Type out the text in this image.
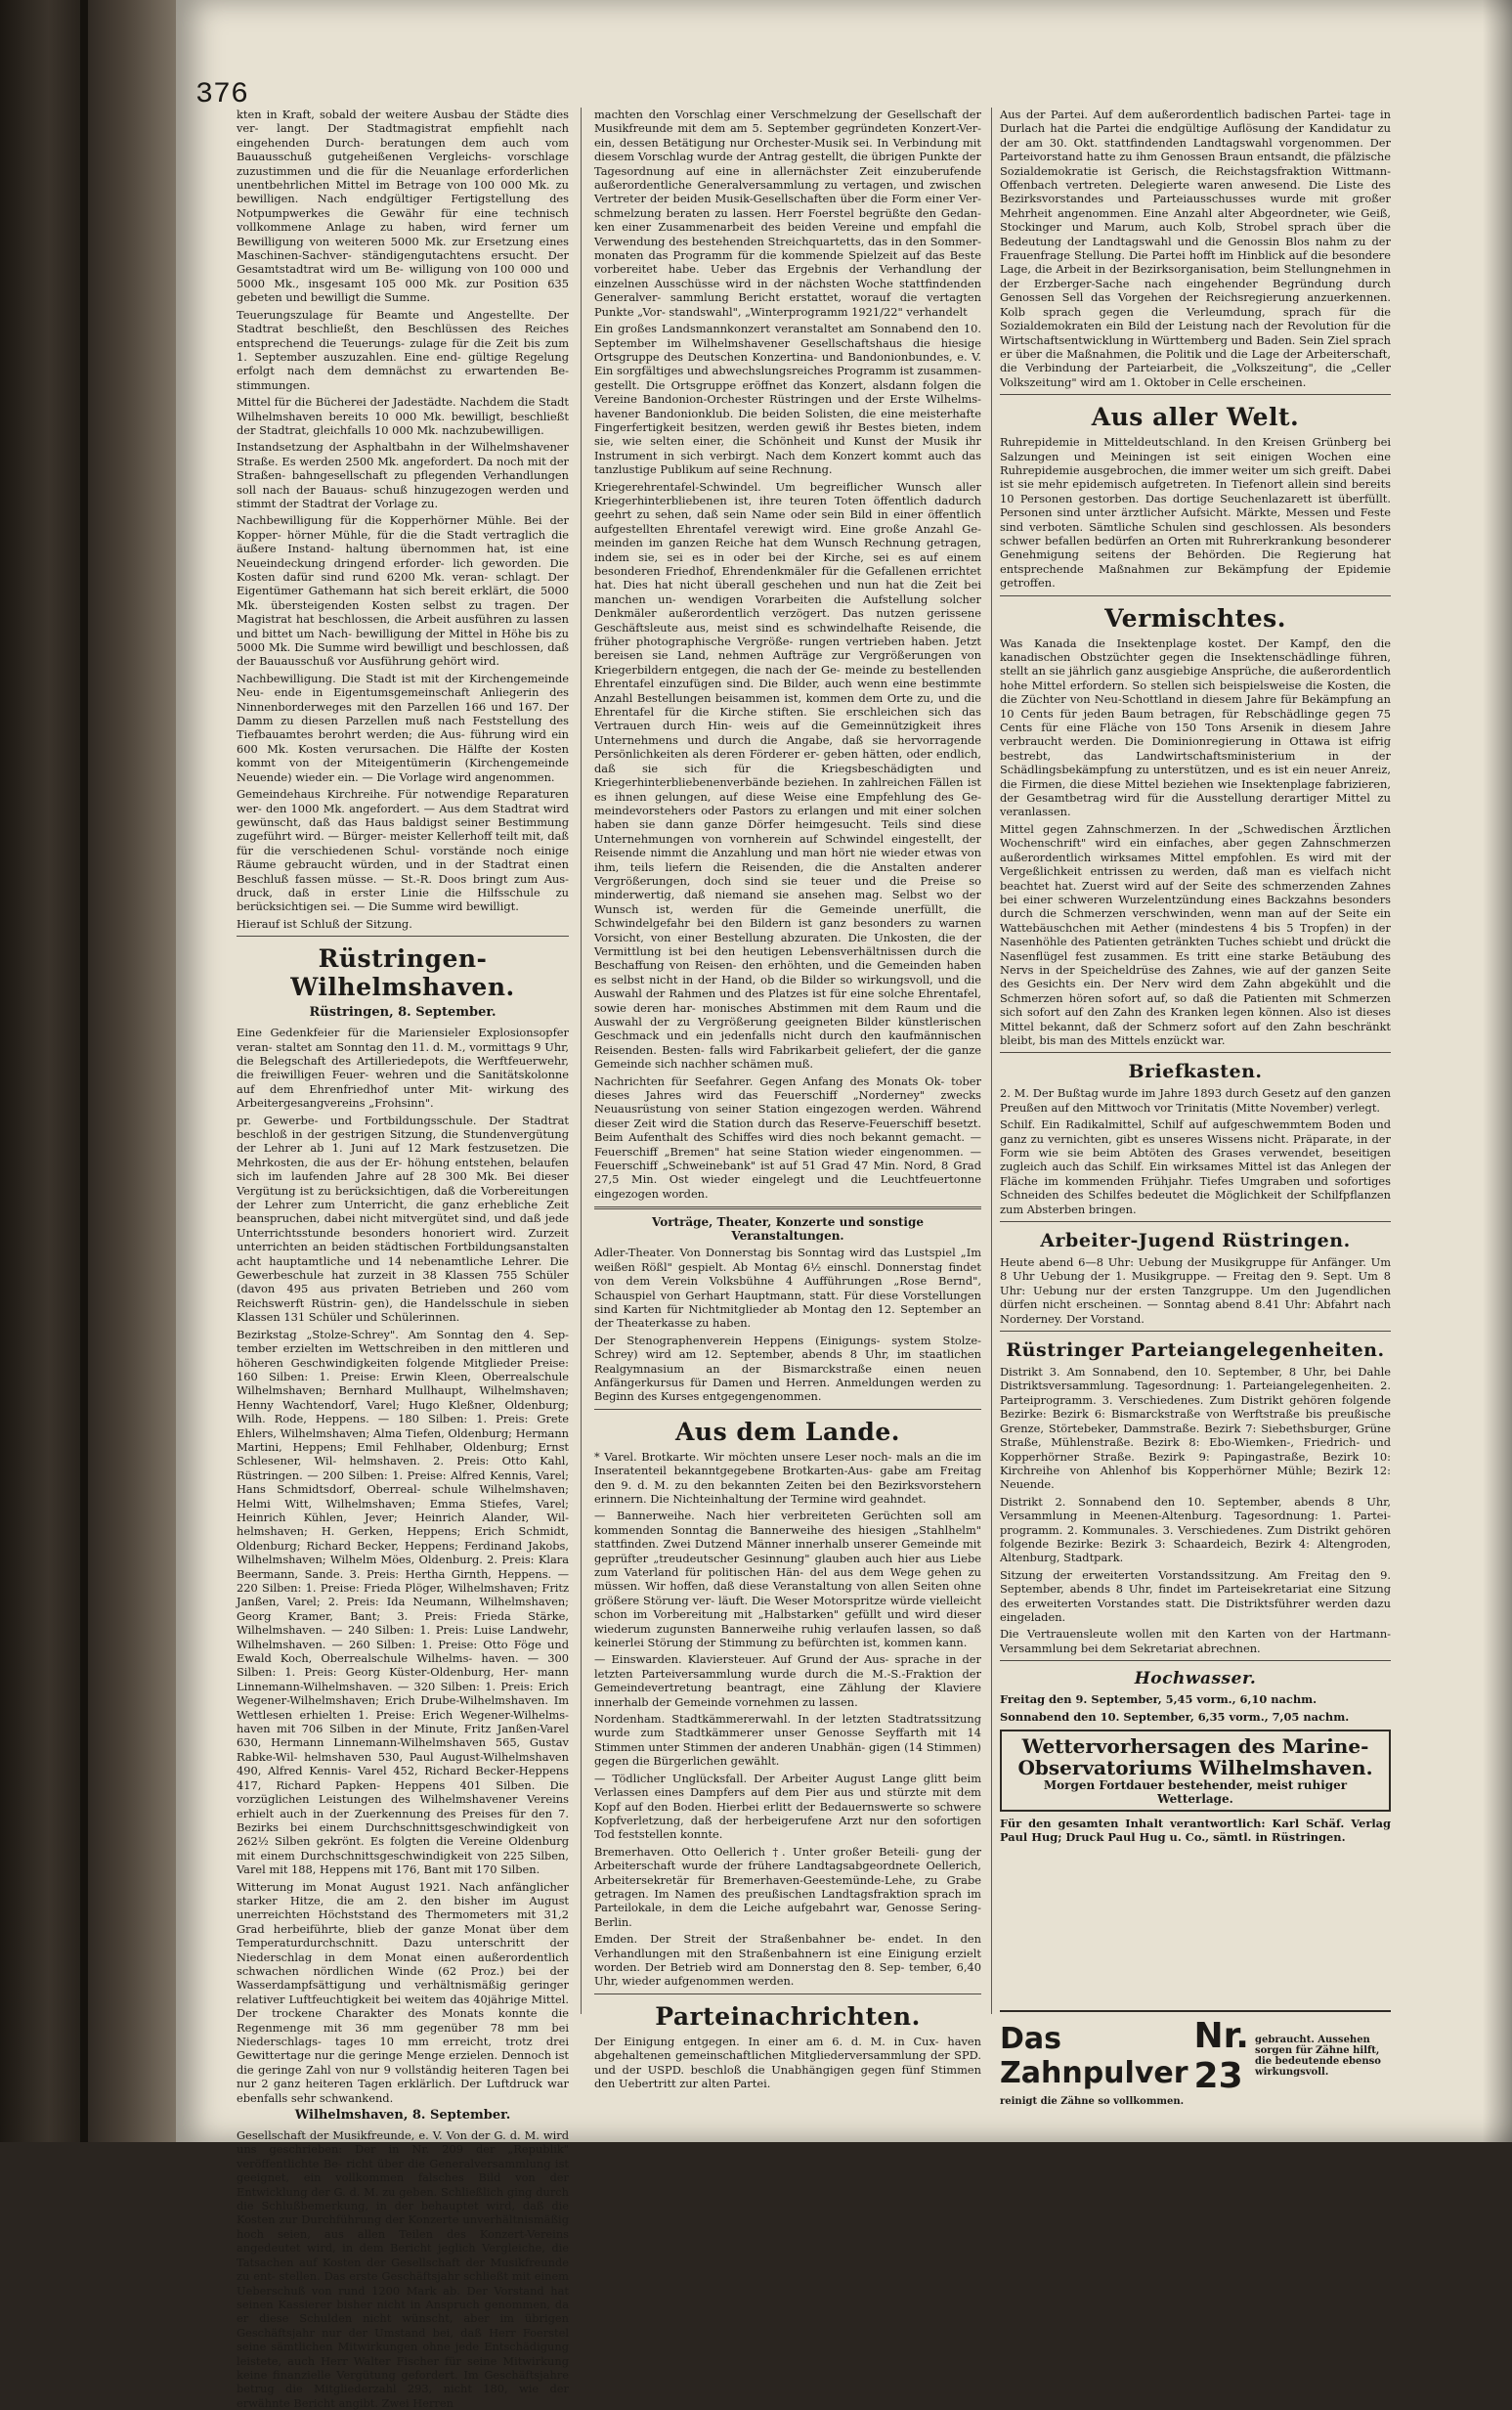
376

kten in Kraft, sobald der weitere Ausbau der Städte dies ver- langt. Der Stadtmagistrat empfiehlt nach eingehenden Durch- beratungen dem auch vom Bauausschuß gutgeheißenen Vergleichs- vorschlage zuzustimmen und die für die Neuanlage erforderlichen unentbehrlichen Mittel im Betrage von 100 000 Mk. zu bewilligen. Nach endgültiger Fertigstellung des Notpumpwerkes die Gewähr für eine technisch vollkommene Anlage zu haben, wird ferner um Bewilligung von weiteren 5000 Mk. zur Ersetzung eines Maschinen-Sachver- ständigengutachtens ersucht. Der Gesamtstadtrat wird um Be- willigung von 100 000 und 5000 Mk., insgesamt 105 000 Mk. zur Position 635 gebeten und bewilligt die Summe.

Teuerungszulage für Beamte und Angestellte. Der Stadtrat beschließt, den Beschlüssen des Reiches entsprechend die Teuerungs- zulage für die Zeit bis zum 1. September auszuzahlen. Eine end- gültige Regelung erfolgt nach dem demnächst zu erwartenden Be- stimmungen.

Mittel für die Bücherei der Jadestädte. Nachdem die Stadt Wilhelmshaven bereits 10 000 Mk. bewilligt, beschließt der Stadtrat, gleichfalls 10 000 Mk. nachzubewilligen.

Instandsetzung der Asphaltbahn in der Wilhelmshavener Straße. Es werden 2500 Mk. angefordert. Da noch mit der Straßen- bahngesellschaft zu pflegenden Verhandlungen soll nach der Bauaus- schuß hinzugezogen werden und stimmt der Stadtrat der Vorlage zu.

Nachbewilligung für die Kopperhörner Mühle. Bei der Kopper- hörner Mühle, für die die Stadt vertraglich die äußere Instand- haltung übernommen hat, ist eine Neueindeckung dringend erforder- lich geworden. Die Kosten dafür sind rund 6200 Mk. veran- schlagt. Der Eigentümer Gathemann hat sich bereit erklärt, die 5000 Mk. übersteigenden Kosten selbst zu tragen. Der Magistrat hat beschlossen, die Arbeit ausführen zu lassen und bittet um Nach- bewilligung der Mittel in Höhe bis zu 5000 Mk. Die Summe wird bewilligt und beschlossen, daß der Bauausschuß vor Ausführung gehört wird.

Nachbewilligung. Die Stadt ist mit der Kirchengemeinde Neu- ende in Eigentumsgemeinschaft Anliegerin des Ninnenborderweges mit den Parzellen 166 und 167. Der Damm zu diesen Parzellen muß nach Feststellung des Tiefbauamtes berohrt werden; die Aus- führung wird ein 600 Mk. Kosten verursachen. Die Hälfte der Kosten kommt von der Miteigentümerin (Kirchengemeinde Neuende) wieder ein. — Die Vorlage wird angenommen.

Gemeindehaus Kirchreihe. Für notwendige Reparaturen wer- den 1000 Mk. angefordert. — Aus dem Stadtrat wird gewünscht, daß das Haus baldigst seiner Bestimmung zugeführt wird. — Bürger- meister Kellerhoff teilt mit, daß für die verschiedenen Schul- vorstände noch einige Räume gebraucht würden, und in der Stadtrat einen Beschluß fassen müsse. — St.-R. Doos bringt zum Aus- druck, daß in erster Linie die Hilfsschule zu berücksichtigen sei. — Die Summe wird bewilligt.

Hierauf ist Schluß der Sitzung.

Rüstringen-Wilhelmshaven.
Rüstringen, 8. September.

Eine Gedenkfeier für die Mariensieler Explosionsopfer veran- staltet am Sonntag den 11. d. M., vormittags 9 Uhr, die Belegschaft des Artilleriedepots, die Werftfeuerwehr, die freiwilligen Feuer- wehren und die Sanitätskolonne auf dem Ehrenfriedhof unter Mit- wirkung des Arbeitergesangvereins „Frohsinn".

pr. Gewerbe- und Fortbildungsschule. Der Stadtrat beschloß in der gestrigen Sitzung, die Stundenvergütung der Lehrer ab 1. Juni auf 12 Mark festzusetzen. Die Mehrkosten, die aus der Er- höhung entstehen, belaufen sich im laufenden Jahre auf 28 300 Mk. Bei dieser Vergütung ist zu berücksichtigen, daß die Vorbereitungen der Lehrer zum Unterricht, die ganz erhebliche Zeit beanspruchen, dabei nicht mitvergütet sind, und daß jede Unterrichtsstunde besonders honoriert wird. Zurzeit unterrichten an beiden städtischen Fortbildungsanstalten acht hauptamtliche und 14 nebenamtliche Lehrer. Die Gewerbeschule hat zurzeit in 38 Klassen 755 Schüler (davon 495 aus privaten Betrieben und 260 vom Reichswerft Rüstrin- gen), die Handelsschule in sieben Klassen 131 Schüler und Schülerinnen.

Bezirkstag „Stolze-Schrey". Am Sonntag den 4. Sep- tember erzielten im Wettschreiben in den mittleren und höheren Geschwindigkeiten folgende Mitglieder Preise: 160 Silben: 1. Preise: Erwin Kleen, Oberrealschule Wilhelmshaven; Bernhard Mullhaupt, Wilhelmshaven; Henny Wachtendorf, Varel; Hugo Kleßner, Oldenburg; Wilh. Rode, Heppens. — 180 Silben: 1. Preis: Grete Ehlers, Wilhelmshaven; Alma Tiefen, Oldenburg; Hermann Martini, Heppens; Emil Fehlhaber, Oldenburg; Ernst Schlesener, Wil- helmshaven. 2. Preis: Otto Kahl, Rüstringen. — 200 Silben: 1. Preise: Alfred Kennis, Varel; Hans Schmidtsdorf, Oberreal- schule Wilhelmshaven; Helmi Witt, Wilhelmshaven; Emma Stiefes, Varel; Heinrich Kühlen, Jever; Heinrich Alander, Wil- helmshaven; H. Gerken, Heppens; Erich Schmidt, Oldenburg; Richard Becker, Heppens; Ferdinand Jakobs, Wilhelmshaven; Wilhelm Möes, Oldenburg. 2. Preis: Klara Beermann, Sande. 3. Preis: Hertha Girnth, Heppens. — 220 Silben: 1. Preise: Frieda Plöger, Wilhelmshaven; Fritz Janßen, Varel; 2. Preis: Ida Neumann, Wilhelmshaven; Georg Kramer, Bant; 3. Preis: Frieda Stärke, Wilhelmshaven. — 240 Silben: 1. Preis: Luise Landwehr, Wilhelmshaven. — 260 Silben: 1. Preise: Otto Föge und Ewald Koch, Oberrealschule Wilhelms- haven. — 300 Silben: 1. Preis: Georg Küster-Oldenburg, Her- mann Linnemann-Wilhelmshaven. — 320 Silben: 1. Preis: Erich Wegener-Wilhelmshaven; Erich Drube-Wilhelmshaven. Im Wettlesen erhielten 1. Preise: Erich Wegener-Wilhelms- haven mit 706 Silben in der Minute, Fritz Janßen-Varel 630, Hermann Linnemann-Wilhelmshaven 565, Gustav Rabke-Wil- helmshaven 530, Paul August-Wilhelmshaven 490, Alfred Kennis- Varel 452, Richard Becker-Heppens 417, Richard Papken- Heppens 401 Silben. Die vorzüglichen Leistungen des Wilhelmshavener Vereins erhielt auch in der Zuerkennung des Preises für den 7. Bezirks bei einem Durchschnittsgeschwindigkeit von 262½ Silben gekrönt. Es folgten die Vereine Oldenburg mit einem Durchschnittsgeschwindigkeit von 225 Silben, Varel mit 188, Heppens mit 176, Bant mit 170 Silben.

Witterung im Monat August 1921. Nach anfänglicher starker Hitze, die am 2. den bisher im August unerreichten Höchststand des Thermometers mit 31,2 Grad herbeiführte, blieb der ganze Monat über dem Temperaturdurchschnitt. Dazu unterschritt der Niederschlag in dem Monat einen außerordentlich schwachen nördlichen Winde (62 Proz.) bei der Wasserdampfsättigung und verhältnismäßig geringer relativer Luftfeuchtigkeit bei weitem das 40jährige Mittel. Der trockene Charakter des Monats konnte die Regenmenge mit 36 mm gegenüber 78 mm bei Niederschlags- tages 10 mm erreicht, trotz drei Gewittertage nur die geringe Menge erzielen. Dennoch ist die geringe Zahl von nur 9 vollständig heiteren Tagen bei nur 2 ganz heiteren Tagen erklärlich. Der Luftdruck war ebenfalls sehr schwankend.

Wilhelmshaven, 8. September.

Gesellschaft der Musikfreunde, e. V. Von der G. d. M. wird uns geschrieben: Der in Nr. 209 der „Republik" veröffentlichte Be- richt über die Generalversammlung ist geeignet, ein vollkommen falsches Bild von der Entwicklung der G. d. M. zu geben. Schließlich ging durch die Schlußbemerkung, in der behauptet wird, daß die Kosten zur Durchführung der Konzerte unverhältnismäßig hoch seien, aus allen Teilen des Konzert-Vereins angedeutet wird, in dem Bericht jeglich Vergleiche, die Tatsachen auf Kosten der Gesellschaft der Musikfreunde zu ent- stellen. Das erste Geschäftsjahr schließt mit einem Ueberschuß von rund 1200 Mark ab. Der Vorstand hat seinen Kassierer bisher nicht in Anspruch genommen, da er diese Schulden nicht wünscht, aber im übrigen Geschäftsjahr nur der Umstand bei, daß Herr Foerstel seine sämtlichen Mitwirkungen ohne jede Entschädigung leistete, auch Herr Walter Fischer für seine Mitwirkung keine finanzielle Vergütung gefordert. Im Geschäftsjahre betrug die Mitgliederzahl 293, nicht 180, wie der erwähnte Bericht angibt. Zwei Herren

machten den Vorschlag einer Verschmelzung der Gesellschaft der Musikfreunde mit dem am 5. September gegründeten Konzert-Ver- ein, dessen Betätigung nur Orchester-Musik sei. In Verbindung mit diesem Vorschlag wurde der Antrag gestellt, die übrigen Punkte der Tagesordnung auf eine in allernächster Zeit einzuberufende außerordentliche Generalversammlung zu vertagen, und zwischen Vertreter der beiden Musik-Gesellschaften über die Form einer Ver- schmelzung beraten zu lassen. Herr Foerstel begrüßte den Gedan- ken einer Zusammenarbeit des beiden Vereine und empfahl die Verwendung des bestehenden Streichquartetts, das in den Sommer- monaten das Programm für die kommende Spielzeit auf das Beste vorbereitet habe. Ueber das Ergebnis der Verhandlung der einzelnen Ausschüsse wird in der nächsten Woche stattfindenden Generalver- sammlung Bericht erstattet, worauf die vertagten Punkte „Vor- standswahl", „Winterprogramm 1921/22" verhandelt

Ein großes Landsmannkonzert veranstaltet am Sonnabend den 10. September im Wilhelmshavener Gesellschaftshaus die hiesige Ortsgruppe des Deutschen Konzertina- und Bandonionbundes, e. V. Ein sorgfältiges und abwechslungsreiches Programm ist zusammen- gestellt. Die Ortsgruppe eröffnet das Konzert, alsdann folgen die Vereine Bandonion-Orchester Rüstringen und der Erste Wilhelms- havener Bandonionklub. Die beiden Solisten, die eine meisterhafte Fingerfertigkeit besitzen, werden gewiß ihr Bestes bieten, indem sie, wie selten einer, die Schönheit und Kunst der Musik ihr Instrument in sich verbirgt. Nach dem Konzert kommt auch das tanzlustige Publikum auf seine Rechnung.

Kriegerehrentafel-Schwindel. Um begreiflicher Wunsch aller Kriegerhinterbliebenen ist, ihre teuren Toten öffentlich dadurch geehrt zu sehen, daß sein Name oder sein Bild in einer öffentlich aufgestellten Ehrentafel verewigt wird. Eine große Anzahl Ge- meinden im ganzen Reiche hat dem Wunsch Rechnung getragen, indem sie, sei es in oder bei der Kirche, sei es auf einem besonderen Friedhof, Ehrendenkmäler für die Gefallenen errichtet hat. Dies hat nicht überall geschehen und nun hat die Zeit bei manchen un- wendigen Vorarbeiten die Aufstellung solcher Denkmäler außerordentlich verzögert. Das nutzen gerissene Geschäftsleute aus, meist sind es schwindelhafte Reisende, die früher photographische Vergröße- rungen vertrieben haben. Jetzt bereisen sie Land, nehmen Aufträge zur Vergrößerungen von Kriegerbildern entgegen, die nach der Ge- meinde zu bestellenden Ehrentafel einzufügen sind. Die Bilder, auch wenn eine bestimmte Anzahl Bestellungen beisammen ist, kommen dem Orte zu, und die Ehrentafel für die Kirche stiften. Sie erschleichen sich das Vertrauen durch Hin- weis auf die Gemeinnützigkeit ihres Unternehmens und durch die Angabe, daß sie hervorragende Persönlichkeiten als deren Förderer er- geben hätten, oder endlich, daß sie sich für die Kriegsbeschädigten und Kriegerhinterbliebenenverbände beziehen. In zahlreichen Fällen ist es ihnen gelungen, auf diese Weise eine Empfehlung des Ge- meindevorstehers oder Pastors zu erlangen und mit einer solchen haben sie dann ganze Dörfer heimgesucht. Teils sind diese Unternehmungen von vornherein auf Schwindel eingestellt, der Reisende nimmt die Anzahlung und man hört nie wieder etwas von ihm, teils liefern die Reisenden, die die Anstalten anderer Vergrößerungen, doch sind sie teuer und die Preise so minderwertig, daß niemand sie ansehen mag. Selbst wo der Wunsch ist, werden für die Gemeinde unerfüllt, die Schwindelgefahr bei den Bildern ist ganz besonders zu warnen Vorsicht, von einer Bestellung abzuraten. Die Unkosten, die der Vermittlung ist bei den heutigen Lebensverhältnissen durch die Beschaffung von Reisen- den erhöhten, und die Gemeinden haben es selbst nicht in der Hand, ob die Bilder so wirkungsvoll, und die Auswahl der Rahmen und des Platzes ist für eine solche Ehrentafel, sowie deren har- monisches Abstimmen mit dem Raum und die Auswahl der zu Vergrößerung geeigneten Bilder künstlerischen Geschmack und ein jedenfalls nicht durch den kaufmännischen Reisenden. Besten- falls wird Fabrikarbeit geliefert, der die ganze Gemeinde sich nachher schämen muß.

Nachrichten für Seefahrer. Gegen Anfang des Monats Ok- tober dieses Jahres wird das Feuerschiff „Norderney" zwecks Neuausrüstung von seiner Station eingezogen werden. Während dieser Zeit wird die Station durch das Reserve-Feuerschiff besetzt. Beim Aufenthalt des Schiffes wird dies noch bekannt gemacht. — Feuerschiff „Bremen" hat seine Station wieder eingenommen. — Feuerschiff „Schweinebank" ist auf 51 Grad 47 Min. Nord, 8 Grad 27,5 Min. Ost wieder eingelegt und die Leuchtfeuertonne eingezogen worden.

Vorträge, Theater, Konzerte und sonstige Veranstaltungen.

Adler-Theater. Von Donnerstag bis Sonntag wird das Lustspiel „Im weißen Rößl" gespielt. Ab Montag 6½ einschl. Donnerstag findet von dem Verein Volksbühne 4 Aufführungen „Rose Bernd", Schauspiel von Gerhart Hauptmann, statt. Für diese Vorstellungen sind Karten für Nichtmitglieder ab Montag den 12. September an der Theaterkasse zu haben.

Der Stenographenverein Heppens (Einigungs- system Stolze-Schrey) wird am 12. September, abends 8 Uhr, im staatlichen Realgymnasium an der Bismarckstraße einen neuen Anfängerkursus für Damen und Herren. Anmeldungen werden zu Beginn des Kurses entgegengenommen.

Aus dem Lande.

* Varel. Brotkarte. Wir möchten unsere Leser noch- mals an die im Inseratenteil bekanntgegebene Brotkarten-Aus- gabe am Freitag den 9. d. M. zu den bekannten Zeiten bei den Bezirksvorstehern erinnern. Die Nichteinhaltung der Termine wird geahndet.

— Bannerweihe. Nach hier verbreiteten Gerüchten soll am kommenden Sonntag die Bannerweihe des hiesigen „Stahlhelm" stattfinden. Zwei Dutzend Männer innerhalb unserer Gemeinde mit geprüfter „treudeutscher Gesinnung" glauben auch hier aus Liebe zum Vaterland für politischen Hän- del aus dem Wege gehen zu müssen. Wir hoffen, daß diese Veranstaltung von allen Seiten ohne größere Störung ver- läuft. Die Weser Motorspritze würde vielleicht schon im Vorbereitung mit „Halbstarken" gefüllt und wird dieser wiederum zugunsten Bannerweihe ruhig verlaufen lassen, so daß keinerlei Störung der Stimmung zu befürchten ist, kommen kann.

— Einswarden. Klaviersteuer. Auf Grund der Aus- sprache in der letzten Parteiversammlung wurde durch die M.-S.-Fraktion der Gemeindevertretung beantragt, eine Zählung der Klaviere innerhalb der Gemeinde vornehmen zu lassen.

Nordenham. Stadtkämmererwahl. In der letzten Stadtratssitzung wurde zum Stadtkämmerer unser Genosse Seyffarth mit 14 Stimmen unter Stimmen der anderen Unabhän- gigen (14 Stimmen) gegen die Bürgerlichen gewählt.

— Tödlicher Unglücksfall. Der Arbeiter August Lange glitt beim Verlassen eines Dampfers auf dem Pier aus und stürzte mit dem Kopf auf den Boden. Hierbei erlitt der Bedauernswerte so schwere Kopfverletzung, daß der herbeigerufene Arzt nur den sofortigen Tod feststellen konnte.

Bremerhaven. Otto Oellerich †. Unter großer Beteili- gung der Arbeiterschaft wurde der frühere Landtagsabgeordnete Oellerich, Arbeitersekretär für Bremerhaven-Geestemünde-Lehe, zu Grabe getragen. Im Namen des preußischen Landtagsfraktion sprach im Parteilokale, in dem die Leiche aufgebahrt war, Genosse Sering-Berlin.

Emden. Der Streit der Straßenbahner be- endet. In den Verhandlungen mit den Straßenbahnern ist eine Einigung erzielt worden. Der Betrieb wird am Donnerstag den 8. Sep- tember, 6,40 Uhr, wieder aufgenommen werden.

Parteinachrichten.

Der Einigung entgegen. In einer am 6. d. M. in Cux- haven abgehaltenen gemeinschaftlichen Mitgliederversammlung der SPD. und der USPD. beschloß die Unabhängigen gegen fünf Stimmen den Uebertritt zur alten Partei.

Aus der Partei. Auf dem außerordentlich badischen Partei- tage in Durlach hat die Partei die endgültige Auflösung der Kandidatur zu der am 30. Okt. stattfindenden Landtagswahl vorgenommen. Der Parteivorstand hatte zu ihm Genossen Braun entsandt, die pfälzische Sozialdemokratie ist Gerisch, die Reichstagsfraktion Wittmann-Offenbach vertreten. Delegierte waren anwesend. Die Liste des Bezirksvorstandes und Parteiausschusses wurde mit großer Mehrheit angenommen. Eine Anzahl alter Abgeordneter, wie Geiß, Stockinger und Marum, auch Kolb, Strobel sprach über die Bedeutung der Landtagswahl und die Genossin Blos nahm zu der Frauenfrage Stellung. Die Partei hofft im Hinblick auf die besondere Lage, die Arbeit in der Bezirksorganisation, beim Stellungnehmen in der Erzberger-Sache nach eingehender Begründung durch Genossen Sell das Vorgehen der Reichsregierung anzuerkennen. Kolb sprach gegen die Verleumdung, sprach für die Sozialdemokraten ein Bild der Leistung nach der Revolution für die Wirtschaftsentwicklung in Württemberg und Baden. Sein Ziel sprach er über die Maßnahmen, die Politik und die Lage der Arbeiterschaft, die Verbindung der Parteiarbeit, die „Volkszeitung", die „Celler Volkszeitung" wird am 1. Oktober in Celle erscheinen.

Aus aller Welt.

Ruhrepidemie in Mitteldeutschland. In den Kreisen Grünberg bei Salzungen und Meiningen ist seit einigen Wochen eine Ruhrepidemie ausgebrochen, die immer weiter um sich greift. Dabei ist sie mehr epidemisch aufgetreten. In Tiefenort allein sind bereits 10 Personen gestorben. Das dortige Seuchenlazarett ist überfüllt. Personen sind unter ärztlicher Aufsicht. Märkte, Messen und Feste sind verboten. Sämtliche Schulen sind geschlossen. Als besonders schwer befallen bedürfen an Orten mit Ruhrerkrankung besonderer Genehmigung seitens der Behörden. Die Regierung hat entsprechende Maßnahmen zur Bekämpfung der Epidemie getroffen.

Vermischtes.

Was Kanada die Insektenplage kostet. Der Kampf, den die kanadischen Obstzüchter gegen die Insektenschädlinge führen, stellt an sie jährlich ganz ausgiebige Ansprüche, die außerordentlich hohe Mittel erfordern. So stellen sich beispielsweise die Kosten, die die Züchter von Neu-Schottland in diesem Jahre für Bekämpfung an 10 Cents für jeden Baum betragen, für Rebschädlinge gegen 75 Cents für eine Fläche von 150 Tons Arsenik in diesem Jahre verbraucht werden. Die Dominionregierung in Ottawa ist eifrig bestrebt, das Landwirtschaftsministerium in der Schädlingsbekämpfung zu unterstützen, und es ist ein neuer Anreiz, die Firmen, die diese Mittel beziehen wie Insektenplage fabrizieren, der Gesamtbetrag wird für die Ausstellung derartiger Mittel zu veranlassen.

Mittel gegen Zahnschmerzen. In der „Schwedischen Ärztlichen Wochenschrift" wird ein einfaches, aber gegen Zahnschmerzen außerordentlich wirksames Mittel empfohlen. Es wird mit der Vergeßlichkeit entrissen zu werden, daß man es vielfach nicht beachtet hat. Zuerst wird auf der Seite des schmerzenden Zahnes bei einer schweren Wurzelentzündung eines Backzahns besonders durch die Schmerzen verschwinden, wenn man auf der Seite ein Wattebäuschchen mit Aether (mindestens 4 bis 5 Tropfen) in der Nasenhöhle des Patienten getränkten Tuches schiebt und drückt die Nasenflügel fest zusammen. Es tritt eine starke Betäubung des Nervs in der Speicheldrüse des Zahnes, wie auf der ganzen Seite des Gesichts ein. Der Nerv wird dem Zahn abgekühlt und die Schmerzen hören sofort auf, so daß die Patienten mit Schmerzen sich sofort auf den Zahn des Kranken legen können. Also ist dieses Mittel bekannt, daß der Schmerz sofort auf den Zahn beschränkt bleibt, bis man des Mittels enzückt war.

Briefkasten.

2. M. Der Bußtag wurde im Jahre 1893 durch Gesetz auf den ganzen Preußen auf den Mittwoch vor Trinitatis (Mitte November) verlegt.

Schilf. Ein Radikalmittel, Schilf auf aufgeschwemmtem Boden und ganz zu vernichten, gibt es unseres Wissens nicht. Präparate, in der Form wie sie beim Abtöten des Grases verwendet, beseitigen zugleich auch das Schilf. Ein wirksames Mittel ist das Anlegen der Fläche im kommenden Frühjahr. Tiefes Umgraben und sofortiges Schneiden des Schilfes bedeutet die Möglichkeit der Schilfpflanzen zum Absterben bringen.

Arbeiter-Jugend Rüstringen.

Heute abend 6—8 Uhr: Uebung der Musikgruppe für Anfänger. Um 8 Uhr Uebung der 1. Musikgruppe. — Freitag den 9. Sept. Um 8 Uhr: Uebung nur der ersten Tanzgruppe. Um den Jugendlichen dürfen nicht erscheinen. — Sonntag abend 8.41 Uhr: Abfahrt nach Norderney. Der Vorstand.

Rüstringer Parteiangelegenheiten.

Distrikt 3. Am Sonnabend, den 10. September, 8 Uhr, bei Dahle Distriktsversammlung. Tagesordnung: 1. Parteiangelegenheiten. 2. Parteiprogramm. 3. Verschiedenes. Zum Distrikt gehören folgende Bezirke: Bezirk 6: Bismarckstraße von Werftstraße bis preußische Grenze, Störtebeker, Dammstraße. Bezirk 7: Siebethsburger, Grüne Straße, Mühlenstraße. Bezirk 8: Ebo-Wiemken-, Friedrich- und Kopperhörner Straße. Bezirk 9: Papingastraße, Bezirk 10: Kirchreihe von Ahlenhof bis Kopperhörner Mühle; Bezirk 12: Neuende.

Distrikt 2. Sonnabend den 10. September, abends 8 Uhr, Versammlung in Meenen-Altenburg. Tagesordnung: 1. Partei- programm. 2. Kommunales. 3. Verschiedenes. Zum Distrikt gehören folgende Bezirke: Bezirk 3: Schaardeich, Bezirk 4: Altengroden, Altenburg, Stadtpark.

Sitzung der erweiterten Vorstandssitzung. Am Freitag den 9. September, abends 8 Uhr, findet im Parteisekretariat eine Sitzung des erweiterten Vorstandes statt. Die Distriktsführer werden dazu eingeladen.

Die Vertrauensleute wollen mit den Karten von der Hartmann-Versammlung bei dem Sekretariat abrechnen.

Hochwasser.

Freitag den 9. September, 5,45 vorm., 6,10 nachm.

Sonnabend den 10. September, 6,35 vorm., 7,05 nachm.

Wettervorhersagen des Marine-
Observatoriums Wilhelmshaven.
Morgen Fortdauer bestehender, meist ruhiger Wetterlage.

Für den gesamten Inhalt verantwortlich: Karl Schäf. Verlag Paul Hug; Druck Paul Hug u. Co., sämtl. in Rüstringen.

Das Zahnpulver
Nr. 23
gebraucht. Aussehen sorgen für Zähne hilft, die bedeutende ebenso wirkungsvoll.
reinigt die Zähne so vollkommen.
